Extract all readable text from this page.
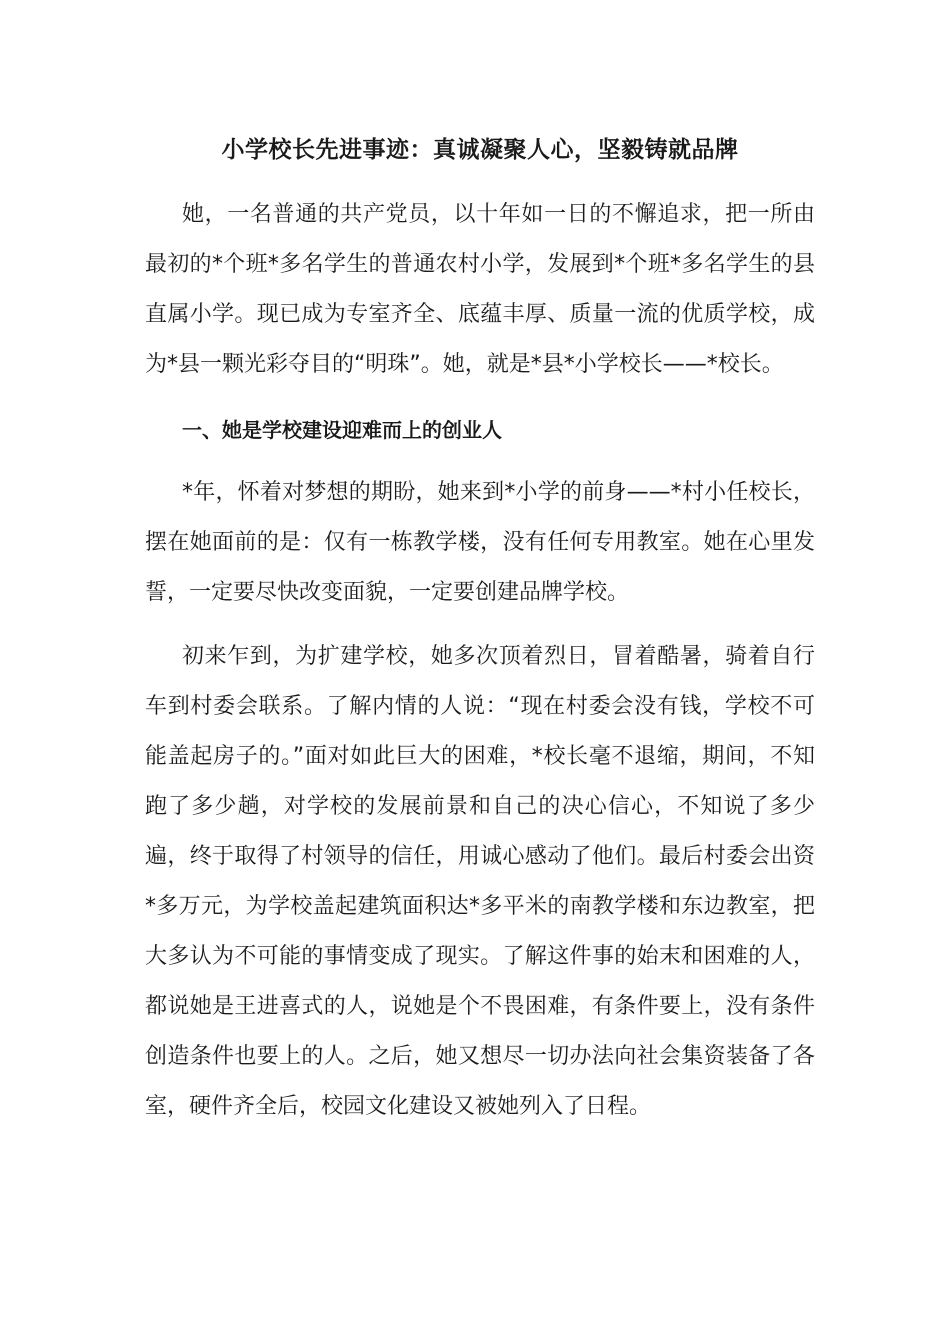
小学校长先进事迹：真诚凝聚人心，坚毅铸就品牌

她，一名普通的共产党员，以十年如一日的不懈追求，把一所由最初的*个班*多名学生的普通农村小学，发展到*个班*多名学生的县直属小学。现已成为专室齐全、底蕴丰厚、质量一流的优质学校，成为*县一颗光彩夺目的“明珠”。她，就是*县*小学校长——*校长。

一、她是学校建设迎难而上的创业人

*年，怀着对梦想的期盼，她来到*小学的前身——*村小任校长，摆在她面前的是：仅有一栋教学楼，没有任何专用教室。她在心里发誓，一定要尽快改变面貌，一定要创建品牌学校。

初来乍到，为扩建学校，她多次顶着烈日，冒着酷暑，骑着自行车到村委会联系。了解内情的人说：“现在村委会没有钱，学校不可能盖起房子的。”面对如此巨大的困难，*校长毫不退缩，期间，不知跑了多少趟，对学校的发展前景和自己的决心信心，不知说了多少遍，终于取得了村领导的信任，用诚心感动了他们。最后村委会出资*多万元，为学校盖起建筑面积达*多平米的南教学楼和东边教室，把大多认为不可能的事情变成了现实。了解这件事的始末和困难的人，都说她是王进喜式的人，说她是个不畏困难，有条件要上，没有条件创造条件也要上的人。之后，她又想尽一切办法向社会集资装备了各室，硬件齐全后，校园文化建设又被她列入了日程。
